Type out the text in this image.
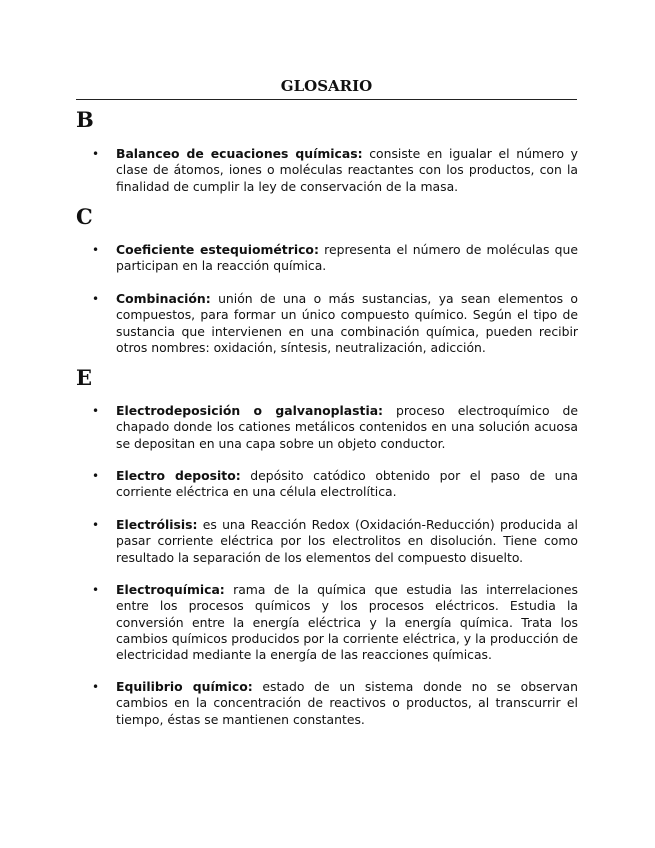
GLOSARIO
B
•	Balanceo de ecuaciones químicas: consiste en igualar el número y clase de átomos, iones o moléculas reactantes con los productos, con la finalidad de cumplir la ley de conservación de la masa.
C
•	Coeficiente estequiométrico: representa el número de moléculas que participan en la reacción química.
•	Combinación: unión de una o más sustancias, ya sean elementos o compuestos, para formar un único compuesto químico. Según el tipo de sustancia que intervienen en una combinación química, pueden recibir otros nombres: oxidación, síntesis, neutralización, adicción.
E
•	Electrodeposición o galvanoplastia: proceso electroquímico de chapado donde los cationes metálicos contenidos en una solución acuosa se depositan en una capa sobre un objeto conductor.
•	Electro deposito: depósito catódico obtenido por el paso de una corriente eléctrica en una célula electrolítica.
•	Electrólisis: es una Reacción Redox (Oxidación-Reducción) producida al pasar corriente eléctrica por los electrolitos en disolución. Tiene como resultado la separación de los elementos del compuesto disuelto.
•	Electroquímica: rama de la química que estudia las interrelaciones entre los procesos químicos y los procesos eléctricos. Estudia la conversión entre la energía eléctrica y la energía química. Trata los cambios químicos producidos por la corriente eléctrica, y la producción de electricidad mediante la energía de las reacciones químicas.
•	Equilibrio químico: estado de un sistema donde no se observan cambios en la concentración de reactivos o productos, al transcurrir el tiempo, éstas se mantienen constantes.
